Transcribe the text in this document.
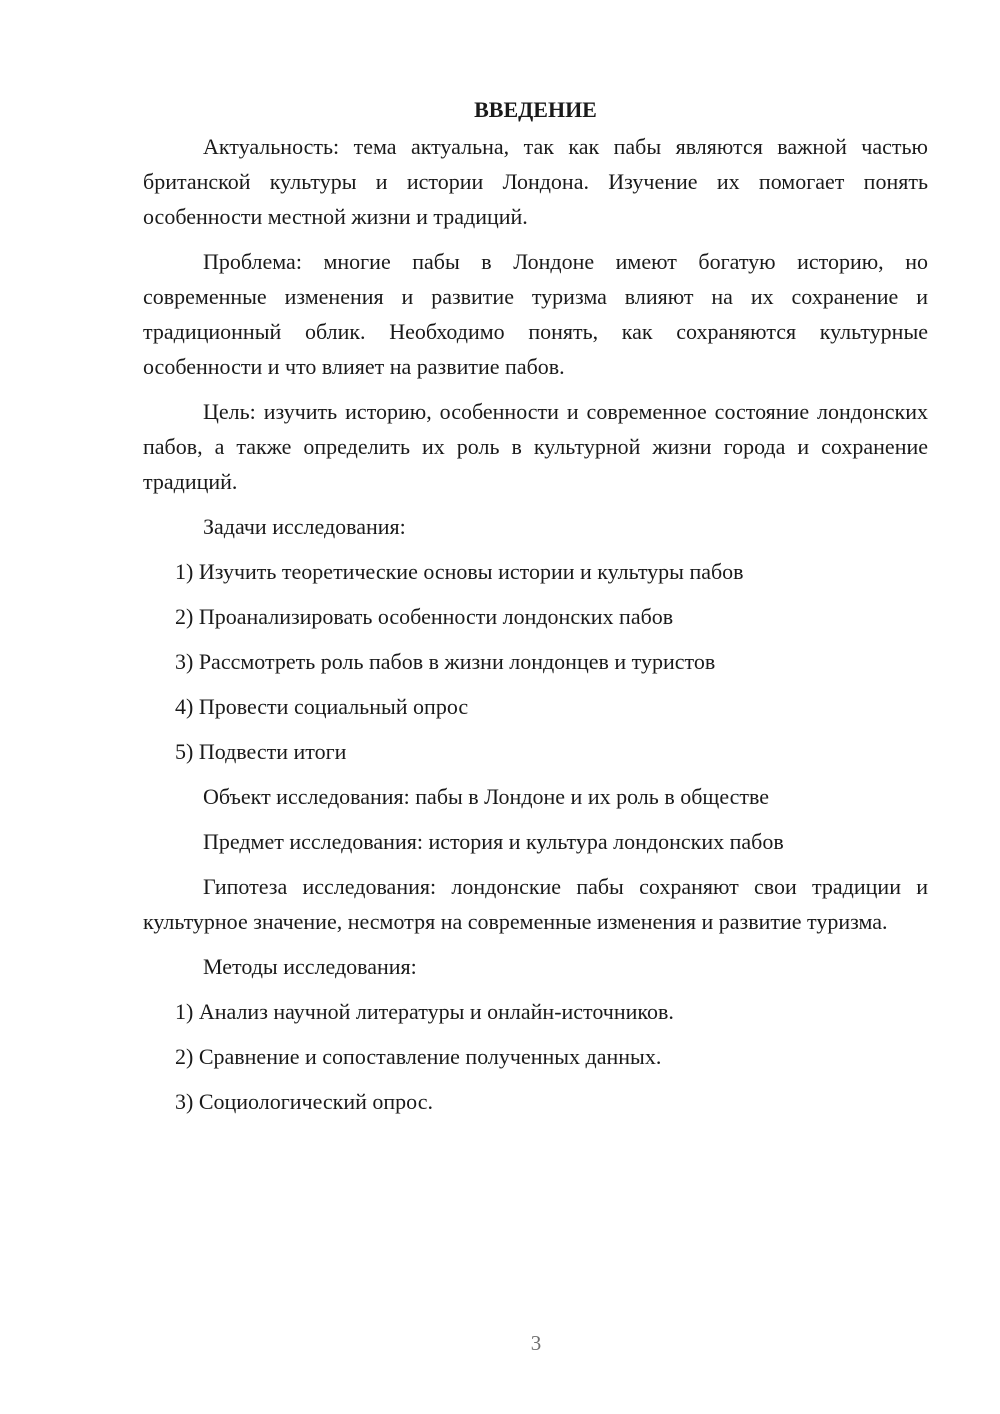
ВВЕДЕНИЕ

Актуальность: тема актуальна, так как пабы являются важной частью британской культуры и истории Лондона. Изучение их помогает понять особенности местной жизни и традиций.

Проблема: многие пабы в Лондоне имеют богатую историю, но современные изменения и развитие туризма влияют на их сохранение и традиционный облик. Необходимо понять, как сохраняются культурные особенности и что влияет на развитие пабов.

Цель: изучить историю, особенности и современное состояние лондонских пабов, а также определить их роль в культурной жизни города и сохранение традиций.

Задачи исследования:
1) Изучить теоретические основы истории и культуры пабов
2) Проанализировать особенности лондонских пабов
3) Рассмотреть роль пабов в жизни лондонцев и туристов
4) Провести социальный опрос
5) Подвести итоги
Объект исследования: пабы в Лондоне и их роль в обществе
Предмет исследования: история и культура лондонских пабов

Гипотеза исследования: лондонские пабы сохраняют свои традиции и культурное значение, несмотря на современные изменения и развитие туризма.

Методы исследования:
1) Анализ научной литературы и онлайн-источников.
2) Сравнение и сопоставление полученных данных.
3) Социологический опрос.
3
